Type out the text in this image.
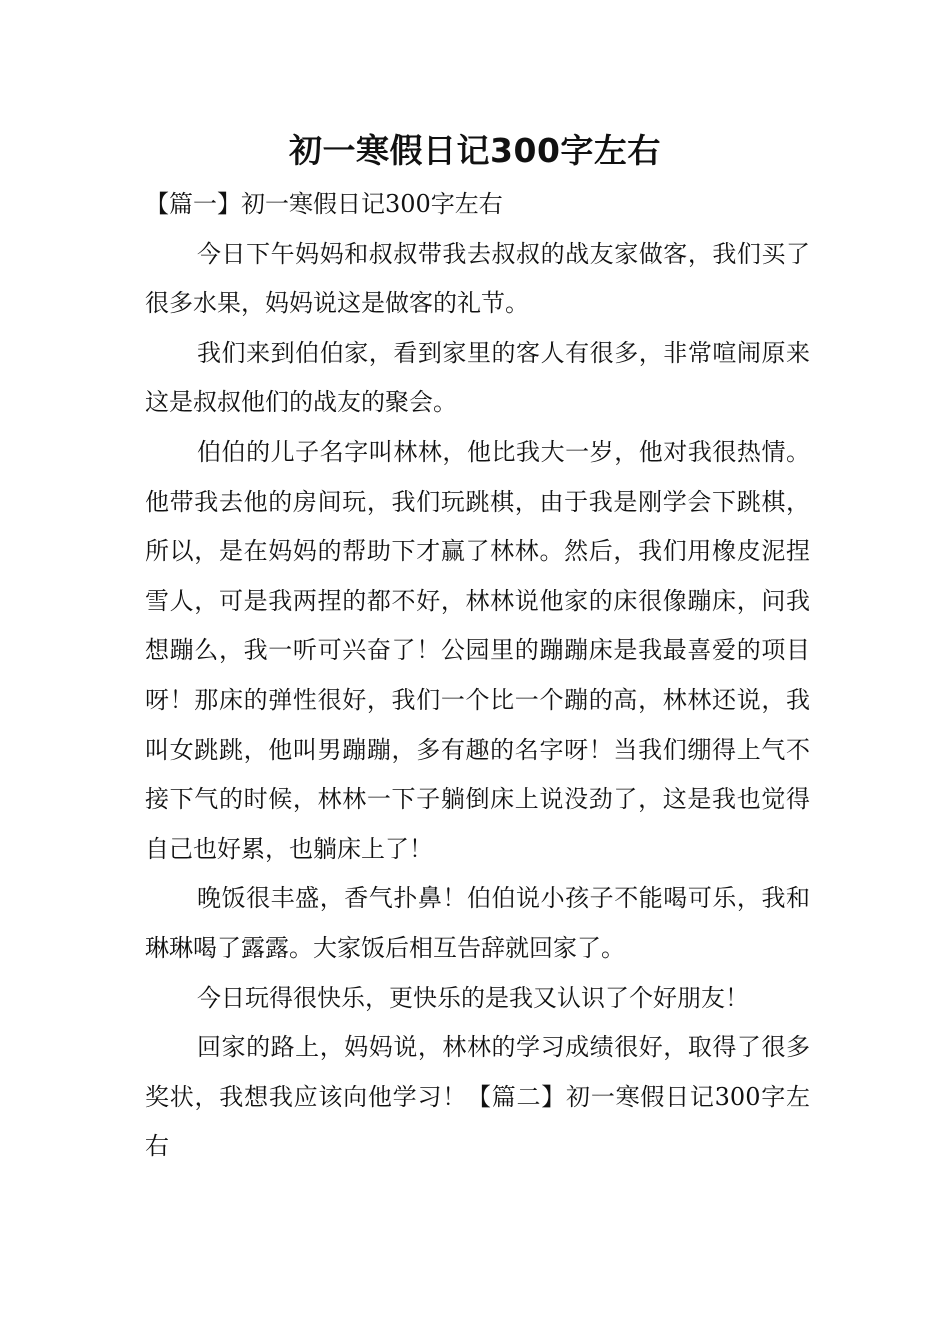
初一寒假日记300字左右

【篇一】初一寒假日记300字左右

今日下午妈妈和叔叔带我去叔叔的战友家做客，我们买了很多水果，妈妈说这是做客的礼节。

我们来到伯伯家，看到家里的客人有很多，非常喧闹原来这是叔叔他们的战友的聚会。

伯伯的儿子名字叫林林，他比我大一岁，他对我很热情。他带我去他的房间玩，我们玩跳棋，由于我是刚学会下跳棋，所以，是在妈妈的帮助下才赢了林林。然后，我们用橡皮泥捏雪人，可是我两捏的都不好，林林说他家的床很像蹦床，问我想蹦么，我一听可兴奋了！公园里的蹦蹦床是我最喜爱的项目呀！那床的弹性很好，我们一个比一个蹦的高，林林还说，我叫女跳跳，他叫男蹦蹦，多有趣的名字呀！当我们绷得上气不接下气的时候，林林一下子躺倒床上说没劲了，这是我也觉得自己也好累，也躺床上了！

晚饭很丰盛，香气扑鼻！伯伯说小孩子不能喝可乐，我和琳琳喝了露露。大家饭后相互告辞就回家了。

今日玩得很快乐，更快乐的是我又认识了个好朋友！

回家的路上，妈妈说，林林的学习成绩很好，取得了很多奖状，我想我应该向他学习！【篇二】初一寒假日记300字左右
